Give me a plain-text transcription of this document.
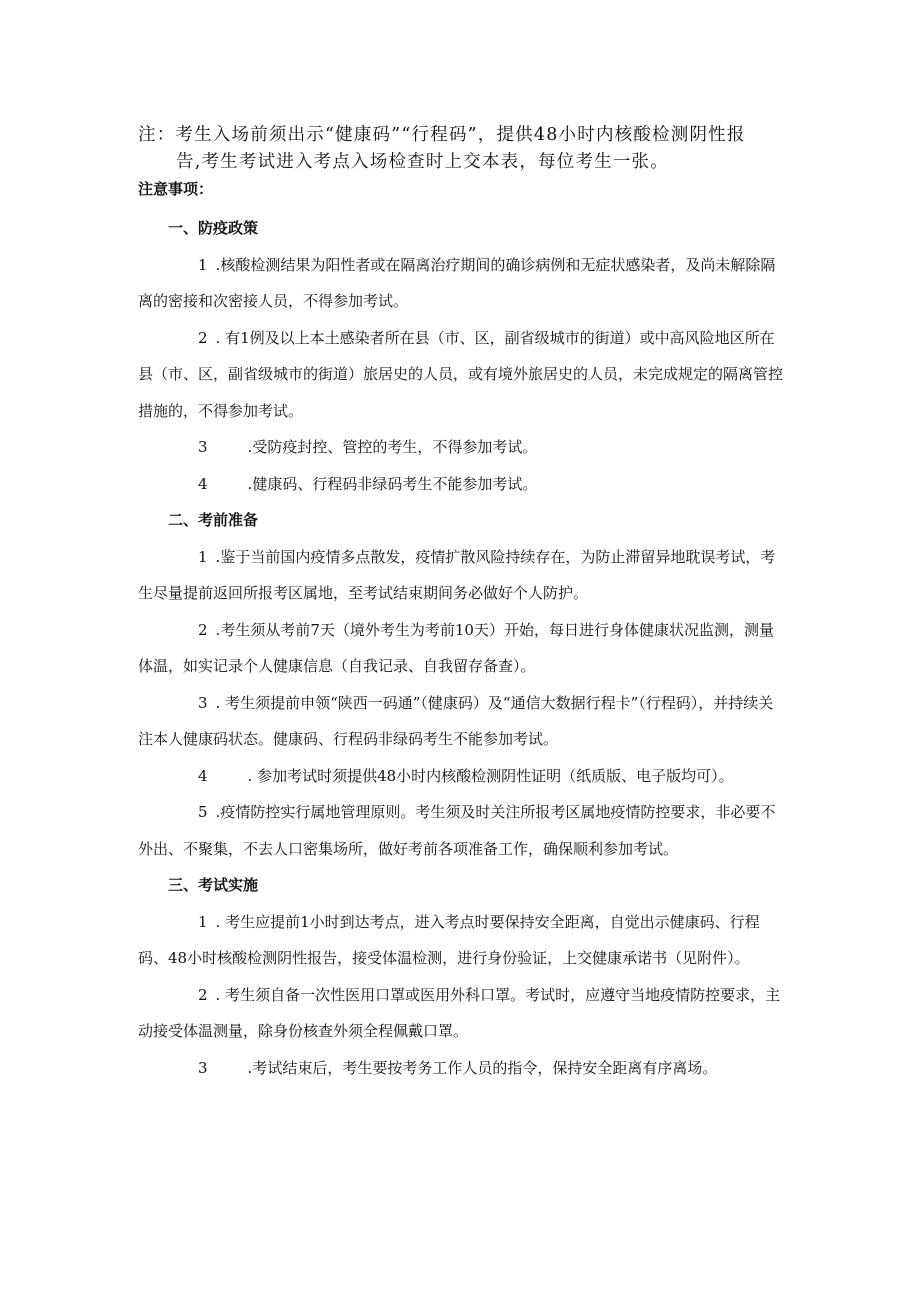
注：考生入场前须出示“健康码”“行程码”，提供48小时内核酸检测阴性报
告,考生考试进入考点入场检查时上交本表，每位考生一张。
注意事项：

一、防疫政策

1 .核酸检测结果为阳性者或在隔离治疗期间的确诊病例和无症状感染者，及尚未解除隔离的密接和次密接人员，不得参加考试。

2 . 有1例及以上本土感染者所在县（市、区，副省级城市的街道）或中高风险地区所在县（市、区，副省级城市的街道）旅居史的人员，或有境外旅居史的人员，未完成规定的隔离管控措施的，不得参加考试。

3	.受防疫封控、管控的考生，不得参加考试。

4	.健康码、行程码非绿码考生不能参加考试。

二、考前准备

1 .鉴于当前国内疫情多点散发，疫情扩散风险持续存在，为防止滞留异地耽误考试，考生尽量提前返回所报考区属地，至考试结束期间务必做好个人防护。

2 .考生须从考前7天（境外考生为考前10天）开始，每日进行身体健康状况监测，测量体温，如实记录个人健康信息（自我记录、自我留存备查）。

3 . 考生须提前申领“陕西一码通”（健康码）及“通信大数据行程卡”（行程码），并持续关注本人健康码状态。健康码、行程码非绿码考生不能参加考试。

4	. 参加考试时须提供48小时内核酸检测阴性证明（纸质版、电子版均可）。

5 .疫情防控实行属地管理原则。考生须及时关注所报考区属地疫情防控要求，非必要不外出、不聚集，不去人口密集场所，做好考前各项准备工作，确保顺利参加考试。

三、考试实施

1 . 考生应提前1小时到达考点，进入考点时要保持安全距离，自觉出示健康码、行程码、48小时核酸检测阴性报告，接受体温检测，进行身份验证，上交健康承诺书（见附件）。

2 . 考生须自备一次性医用口罩或医用外科口罩。考试时，应遵守当地疫情防控要求，主动接受体温测量，除身份核查外须全程佩戴口罩。

3	.考试结束后，考生要按考务工作人员的指令，保持安全距离有序离场。
